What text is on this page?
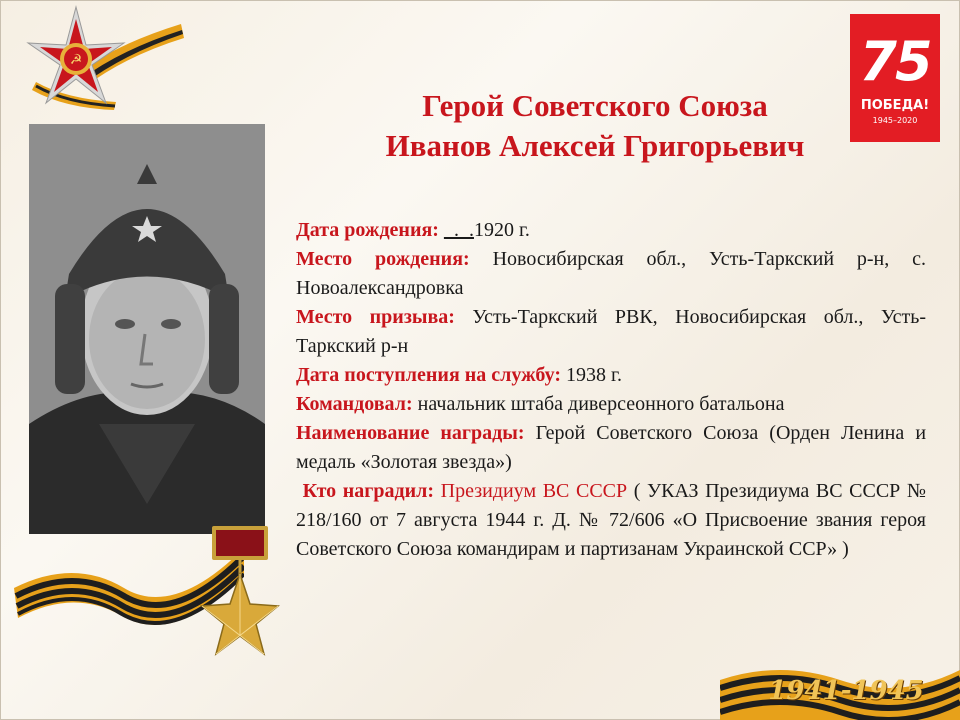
☭	75
ПОБЕДА!
1945–2020
Герой Советского Союза
Иванов Алексей Григорьевич

Дата рождения: _._.1920 г.

Место рождения: Новосибирская обл., Усть-Таркский р-н, с. Новоалександровка

Место призыва: Усть-Таркский РВК, Новосибирская обл., Усть-Таркский р-н

Дата поступления на службу: 1938 г.

Командовал: начальник штаба диверсеонного батальона

Наименование награды: Герой Советского Союза (Орден Ленина и медаль «Золотая звезда»)

Кто наградил: Президиум ВС СССР ( УКАЗ Президиума ВС СССР № 218/160 от 7 августа 1944 г. Д. № 72/606 «О Присвоение звания героя Советского Союза командирам и партизанам Украинской ССР» )

1941-1945
